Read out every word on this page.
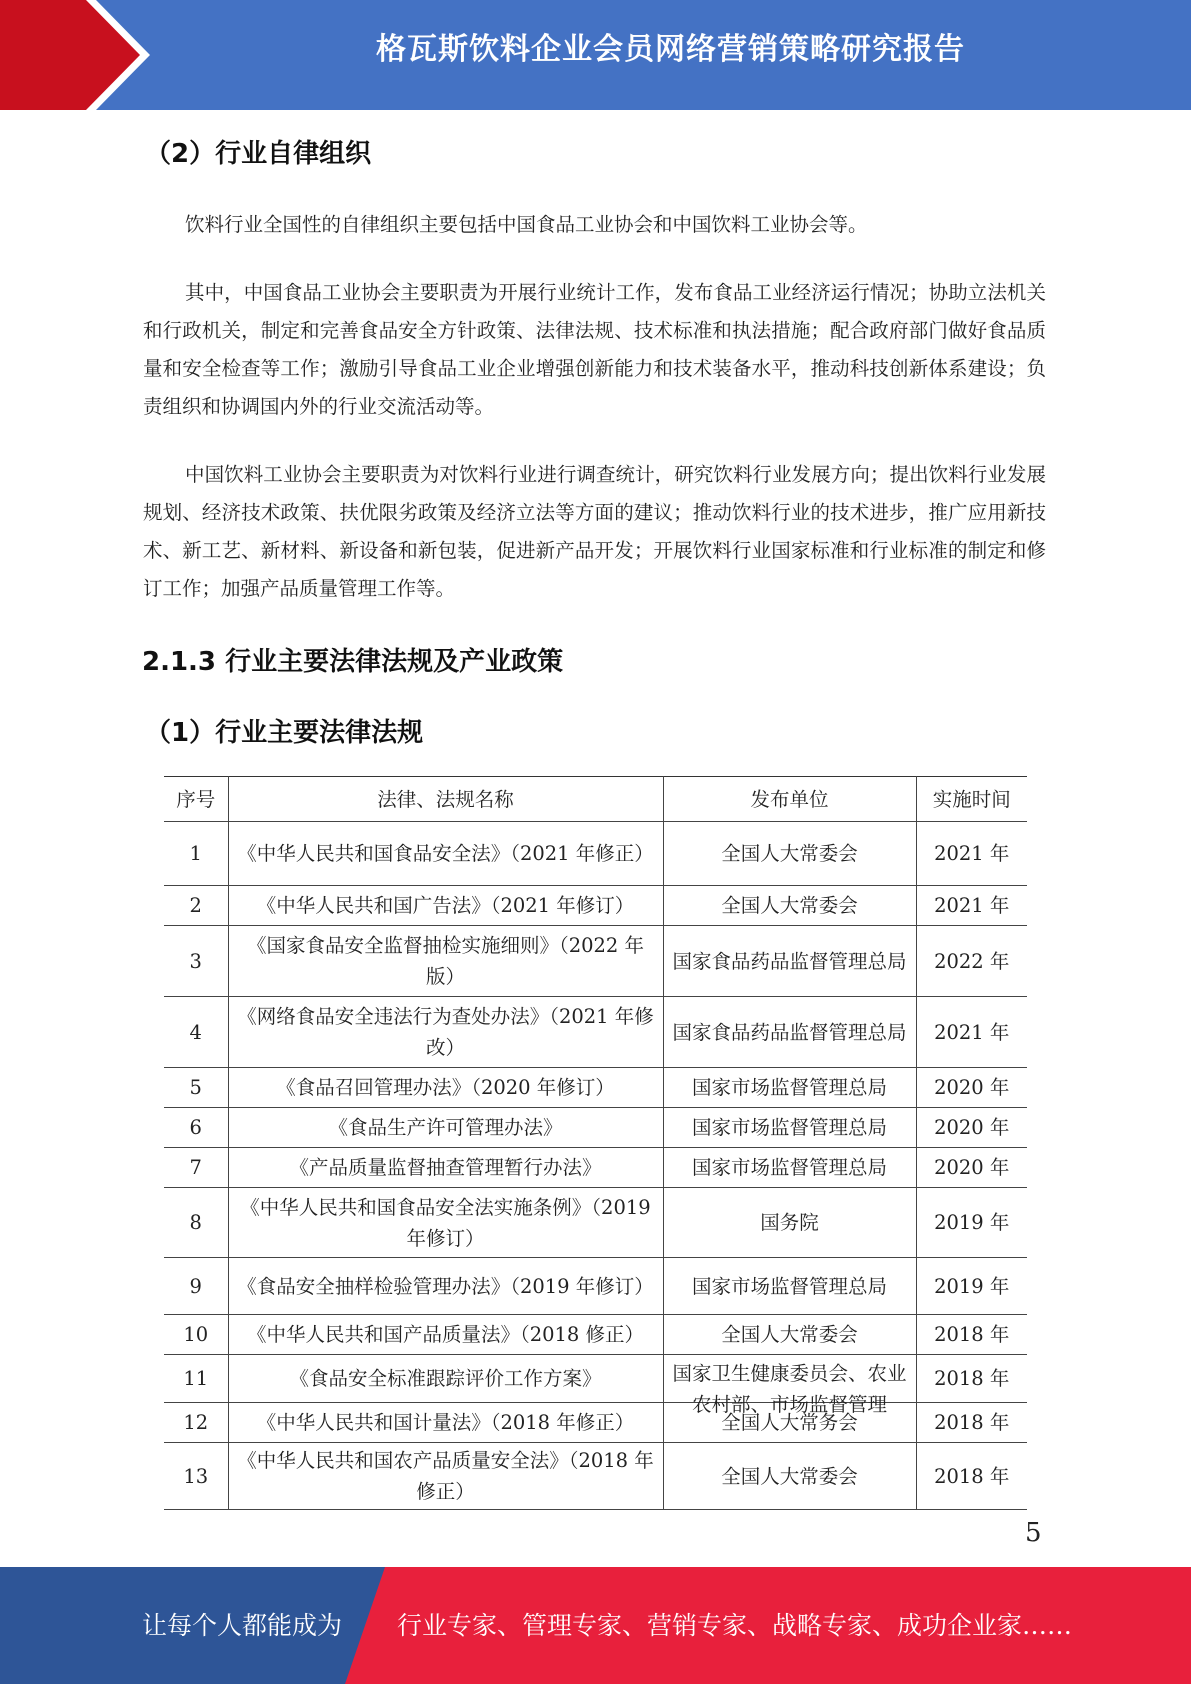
格瓦斯饮料企业会员网络营销策略研究报告
（2）行业自律组织

饮料行业全国性的自律组织主要包括中国食品工业协会和中国饮料工业协会等。

其中，中国食品工业协会主要职责为开展行业统计工作，发布食品工业经济运行情况；协助立法机关和行政机关，制定和完善食品安全方针政策、法律法规、技术标准和执法措施；配合政府部门做好食品质量和安全检查等工作；激励引导食品工业企业增强创新能力和技术装备水平，推动科技创新体系建设；负责组织和协调国内外的行业交流活动等。

中国饮料工业协会主要职责为对饮料行业进行调查统计，研究饮料行业发展方向；提出饮料行业发展规划、经济技术政策、扶优限劣政策及经济立法等方面的建议；推动饮料行业的技术进步，推广应用新技术、新工艺、新材料、新设备和新包装，促进新产品开发；开展饮料行业国家标准和行业标准的制定和修订工作；加强产品质量管理工作等。

2.1.3 行业主要法律法规及产业政策
（1）行业主要法律法规
序号	法律、法规名称	发布单位	实施时间
1	《中华人民共和国食品安全法》（2021 年修正）	全国人大常委会	2021 年
2	《中华人民共和国广告法》（2021 年修订）	全国人大常委会	2021 年
3	《国家食品安全监督抽检实施细则》（2022 年版）	国家食品药品监督管理总局	2022 年
4	《网络食品安全违法行为查处办法》（2021 年修改）	国家食品药品监督管理总局	2021 年
5	《食品召回管理办法》（2020 年修订）	国家市场监督管理总局	2020 年
6	《食品生产许可管理办法》	国家市场监督管理总局	2020 年
7	《产品质量监督抽查管理暂行办法》	国家市场监督管理总局	2020 年
8	《中华人民共和国食品安全法实施条例》（2019 年修订）	国务院	2019 年
9	《食品安全抽样检验管理办法》（2019 年修订）	国家市场监督管理总局	2019 年
10	《中华人民共和国产品质量法》（2018 修正）	全国人大常委会	2018 年
11	《食品安全标准跟踪评价工作方案》	国家卫生健康委员会、农业农村部、市场监督管理	2018 年
12	《中华人民共和国计量法》（2018 年修正）	全国人大常务会	2018 年
13	《中华人民共和国农产品质量安全法》（2018 年修正）	全国人大常委会	2018 年
5
让每个人都能成为 行业专家、管理专家、营销专家、战略专家、成功企业家……
